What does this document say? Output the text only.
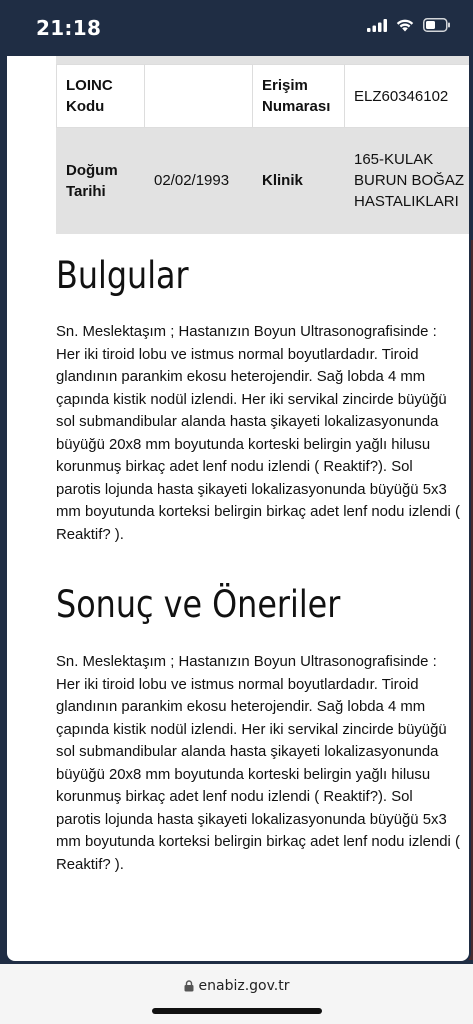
21:18
LOINC Kodu		Erişim Numarası	ELZ60346102
Doğum Tarihi	02/02/1993	Klinik	165-KULAK BURUN BOĞAZ HASTALIKLARI
Bulgular

Sn. Meslektaşım ; Hastanızın Boyun Ultrasonografisinde : Her iki tiroid lobu ve istmus normal boyutlardadır. Tiroid glandının parankim ekosu heterojendir. Sağ lobda 4 mm çapında kistik nodül izlendi. Her iki servikal zincirde büyüğü sol submandibular alanda hasta şikayeti lokalizasyonunda büyüğü 20x8 mm boyutunda korteski belirgin yağlı hilusu korunmuş birkaç adet lenf nodu izlendi ( Reaktif?). Sol parotis lojunda hasta şikayeti lokalizasyonunda büyüğü 5x3 mm boyutunda korteksi belirgin birkaç adet lenf nodu izlendi ( Reaktif? ).

Sonuç ve Öneriler

Sn. Meslektaşım ; Hastanızın Boyun Ultrasonografisinde : Her iki tiroid lobu ve istmus normal boyutlardadır. Tiroid glandının parankim ekosu heterojendir. Sağ lobda 4 mm çapında kistik nodül izlendi. Her iki servikal zincirde büyüğü sol submandibular alanda hasta şikayeti lokalizasyonunda büyüğü 20x8 mm boyutunda korteski belirgin yağlı hilusu korunmuş birkaç adet lenf nodu izlendi ( Reaktif?). Sol parotis lojunda hasta şikayeti lokalizasyonunda büyüğü 5x3 mm boyutunda korteksi belirgin birkaç adet lenf nodu izlendi ( Reaktif? ).

enabiz.gov.tr
